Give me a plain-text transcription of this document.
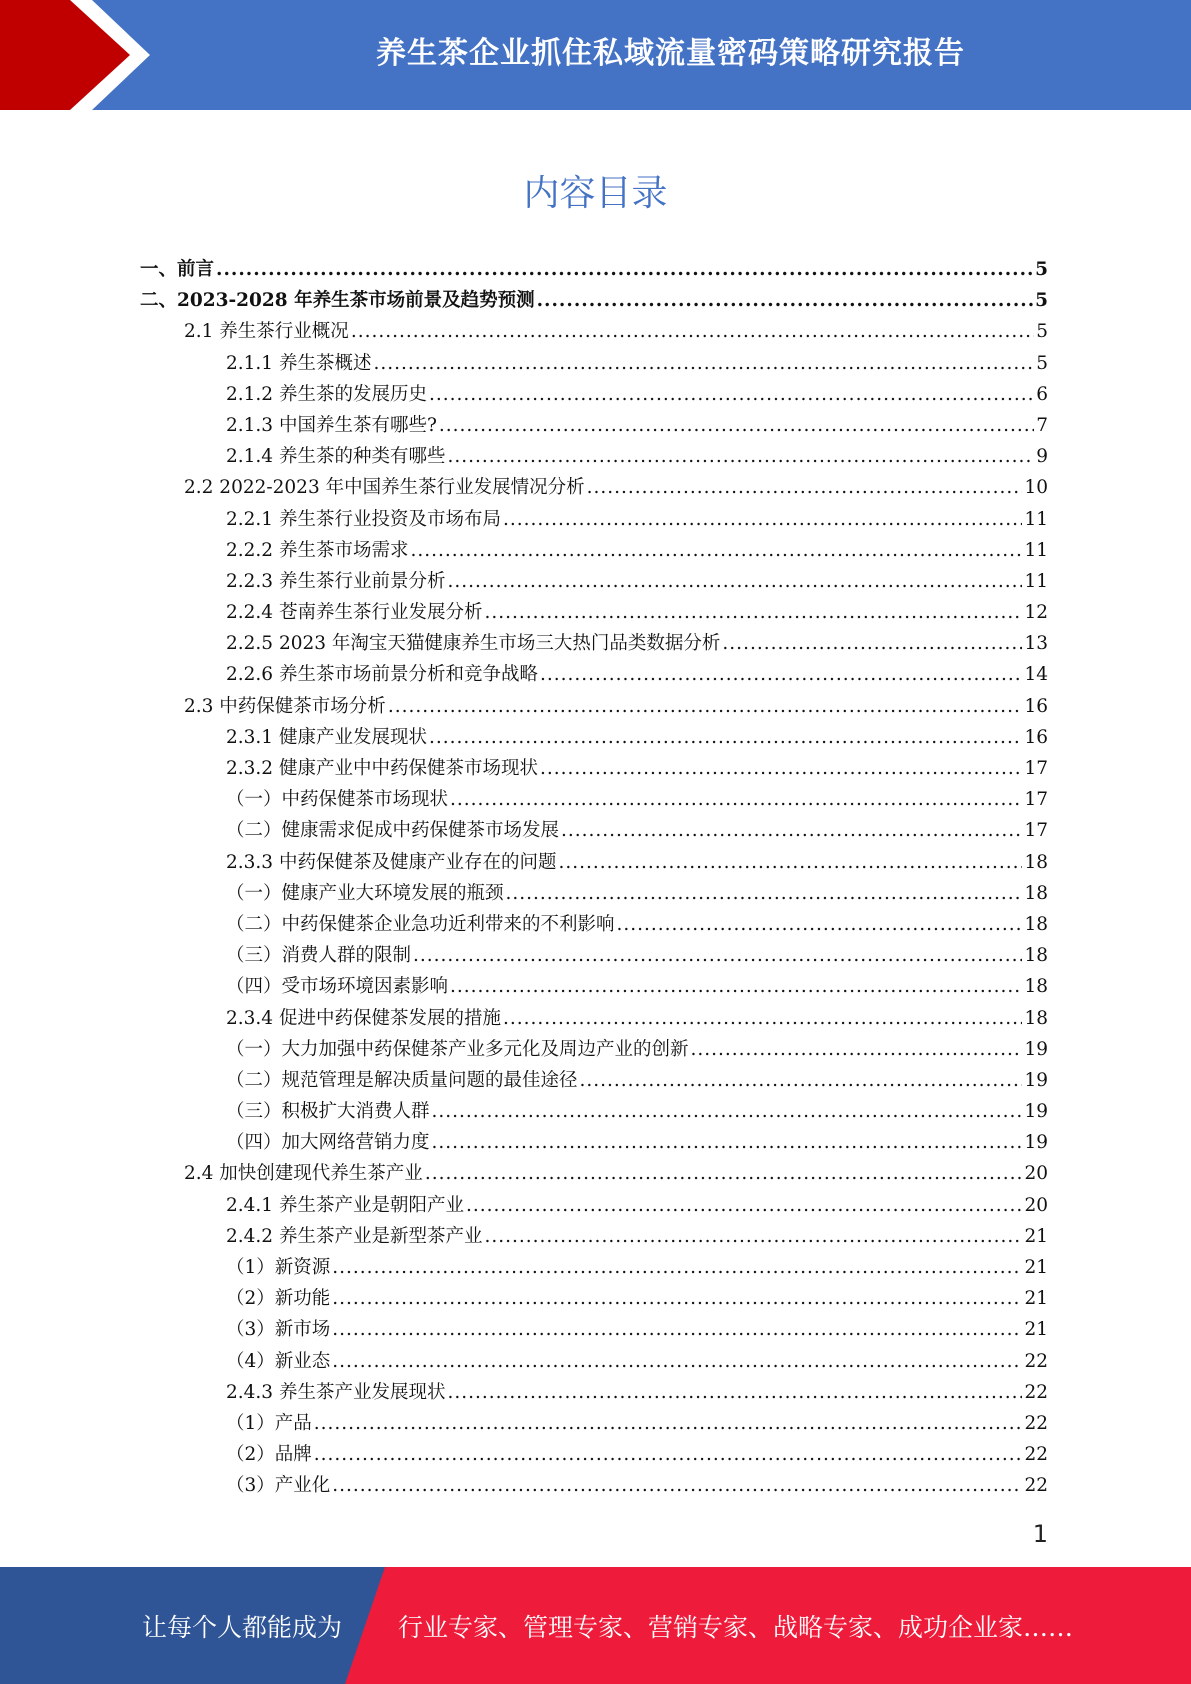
养生茶企业抓住私域流量密码策略研究报告
内容目录
一、前言 .....	5
二、2023-2028 年养生茶市场前景及趋势预测 .....	5
2.1 养生茶行业概况 .....	5
2.1.1 养生茶概述 .....	5
2.1.2 养生茶的发展历史 .....	6
2.1.3 中国养生茶有哪些? .....	7
2.1.4 养生茶的种类有哪些 .....	9
2.2 2022-2023 年中国养生茶行业发展情况分析 .....	10
2.2.1 养生茶行业投资及市场布局 .....	11
2.2.2 养生茶市场需求 .....	11
2.2.3 养生茶行业前景分析 .....	11
2.2.4 苍南养生茶行业发展分析 .....	12
2.2.5 2023 年淘宝天猫健康养生市场三大热门品类数据分析 .....	13
2.2.6 养生茶市场前景分析和竞争战略 .....	14
2.3 中药保健茶市场分析 .....	16
2.3.1 健康产业发展现状 .....	16
2.3.2 健康产业中中药保健茶市场现状 .....	17
（一）中药保健茶市场现状 .....	17
（二）健康需求促成中药保健茶市场发展 .....	17
2.3.3 中药保健茶及健康产业存在的问题 .....	18
（一）健康产业大环境发展的瓶颈 .....	18
（二）中药保健茶企业急功近利带来的不利影响 .....	18
（三）消费人群的限制 .....	18
（四）受市场环境因素影响 .....	18
2.3.4 促进中药保健茶发展的措施 .....	18
（一）大力加强中药保健茶产业多元化及周边产业的创新 .....	19
（二）规范管理是解决质量问题的最佳途径 .....	19
（三）积极扩大消费人群 .....	19
（四）加大网络营销力度 .....	19
2.4 加快创建现代养生茶产业 .....	20
2.4.1 养生茶产业是朝阳产业 .....	20
2.4.2 养生茶产业是新型茶产业 .....	21
（1）新资源 .....	21
（2）新功能 .....	21
（3）新市场 .....	21
（4）新业态 .....	22
2.4.3 养生茶产业发展现状 .....	22
（1）产品 .....	22
（2）品牌 .....	22
（3）产业化 .....	22
1
让每个人都能成为 行业专家、管理专家、营销专家、战略专家、成功企业家……
